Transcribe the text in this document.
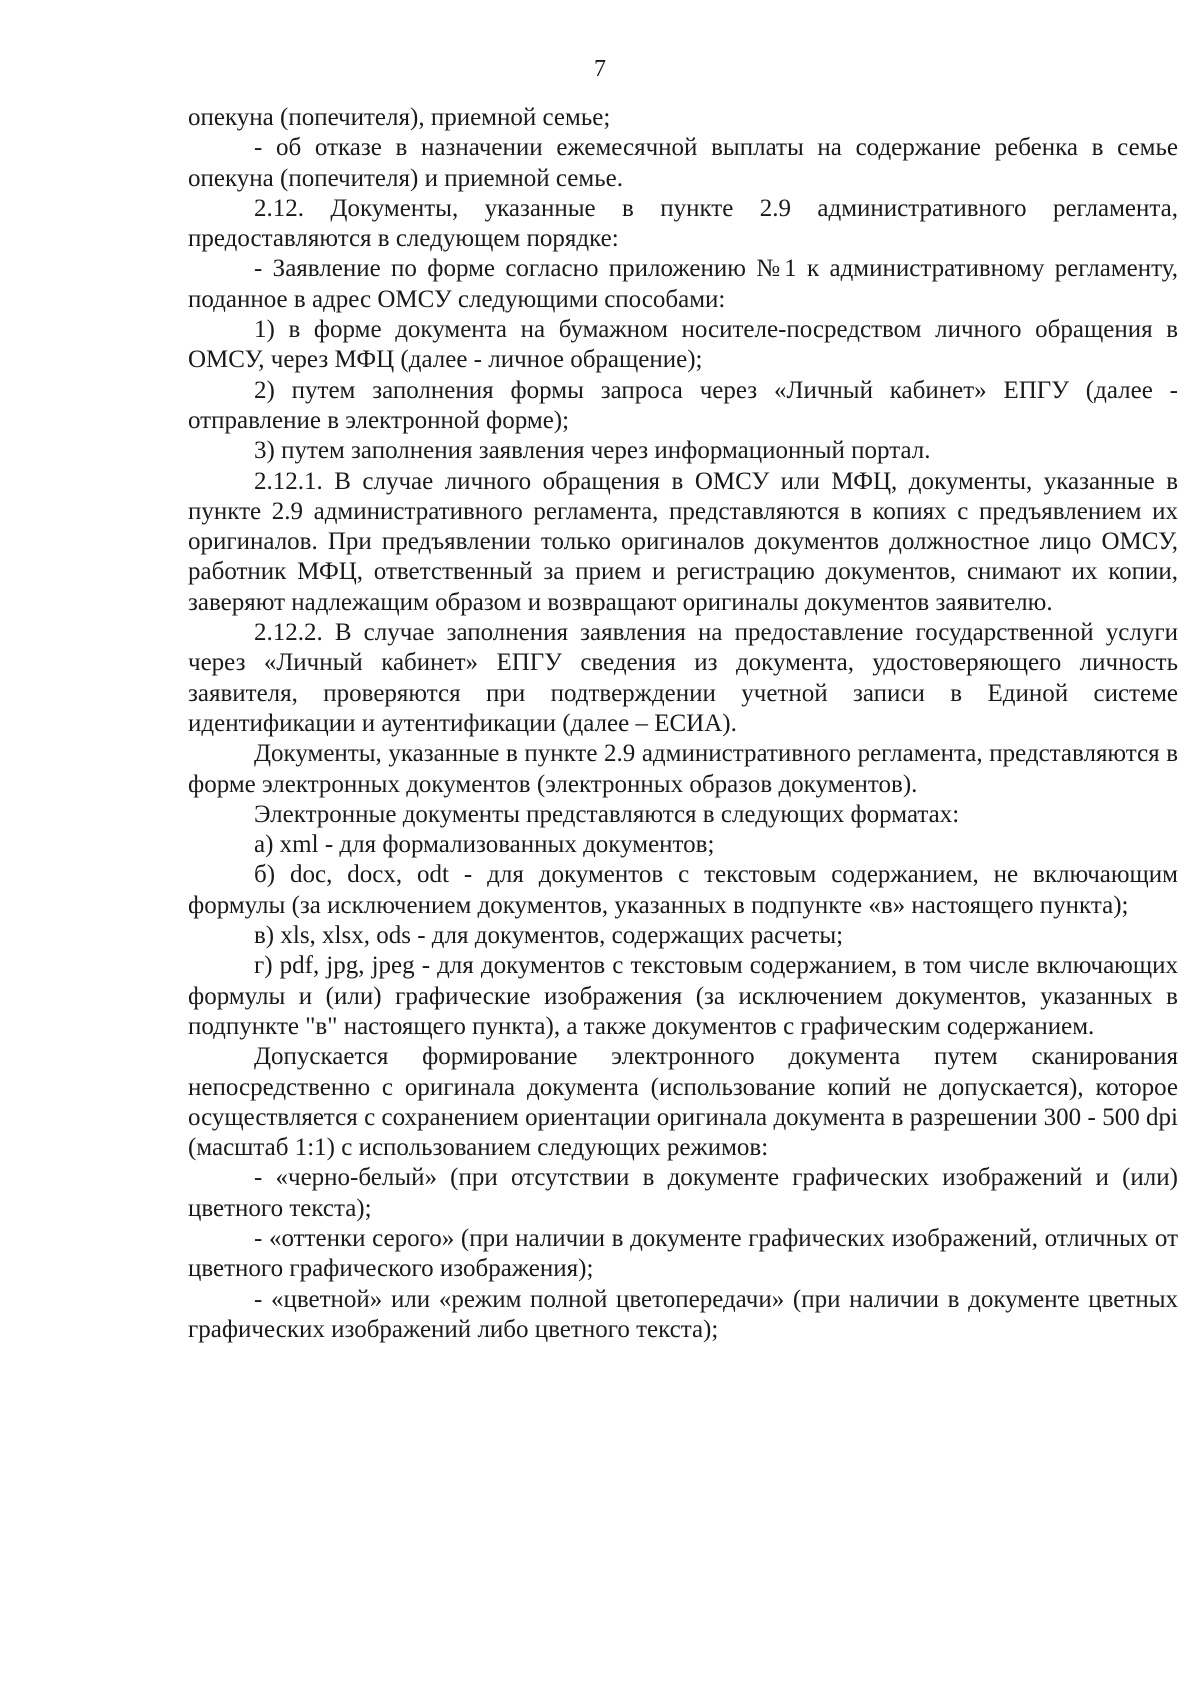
7

опекуна (попечителя), приемной семье;

- об отказе в назначении ежемесячной выплаты на содержание ребенка в семье опекуна (попечителя) и приемной семье.

2.12. Документы, указанные в пункте 2.9 административного регламента, предоставляются в следующем порядке:

- Заявление по форме согласно приложению №1 к административному регламенту, поданное в адрес ОМСУ следующими способами:

1) в форме документа на бумажном носителе-посредством личного обращения в ОМСУ, через МФЦ (далее - личное обращение);

2) путем заполнения формы запроса через «Личный кабинет» ЕПГУ (далее - отправление в электронной форме);

3) путем заполнения заявления через информационный портал.

2.12.1. В случае личного обращения в ОМСУ или МФЦ, документы, указанные в пункте 2.9 административного регламента, представляются в копиях с предъявлением их оригиналов. При предъявлении только оригиналов документов должностное лицо ОМСУ, работник МФЦ, ответственный за прием и регистрацию документов, снимают их копии, заверяют надлежащим образом и возвращают оригиналы документов заявителю.

2.12.2. В случае заполнения заявления на предоставление государственной услуги через «Личный кабинет» ЕПГУ сведения из документа, удостоверяющего личность заявителя, проверяются при подтверждении учетной записи в Единой системе идентификации и аутентификации (далее – ЕСИА).

Документы, указанные в пункте 2.9 административного регламента, представляются в форме электронных документов (электронных образов документов).

Электронные документы представляются в следующих форматах:

а) xml - для формализованных документов;

б) doc, docx, odt - для документов с текстовым содержанием, не включающим формулы (за исключением документов, указанных в подпункте «в» настоящего пункта);

в) xls, xlsx, ods - для документов, содержащих расчеты;

г) pdf, jpg, jpeg - для документов с текстовым содержанием, в том числе включающих формулы и (или) графические изображения (за исключением документов, указанных в подпункте "в" настоящего пункта), а также документов с графическим содержанием.

Допускается формирование электронного документа путем сканирования непосредственно с оригинала документа (использование копий не допускается), которое осуществляется с сохранением ориентации оригинала документа в разрешении 300 - 500 dpi (масштаб 1:1) с использованием следующих режимов:

- «черно-белый» (при отсутствии в документе графических изображений и (или) цветного текста);

- «оттенки серого» (при наличии в документе графических изображений, отличных от цветного графического изображения);

- «цветной» или «режим полной цветопередачи» (при наличии в документе цветных графических изображений либо цветного текста);
